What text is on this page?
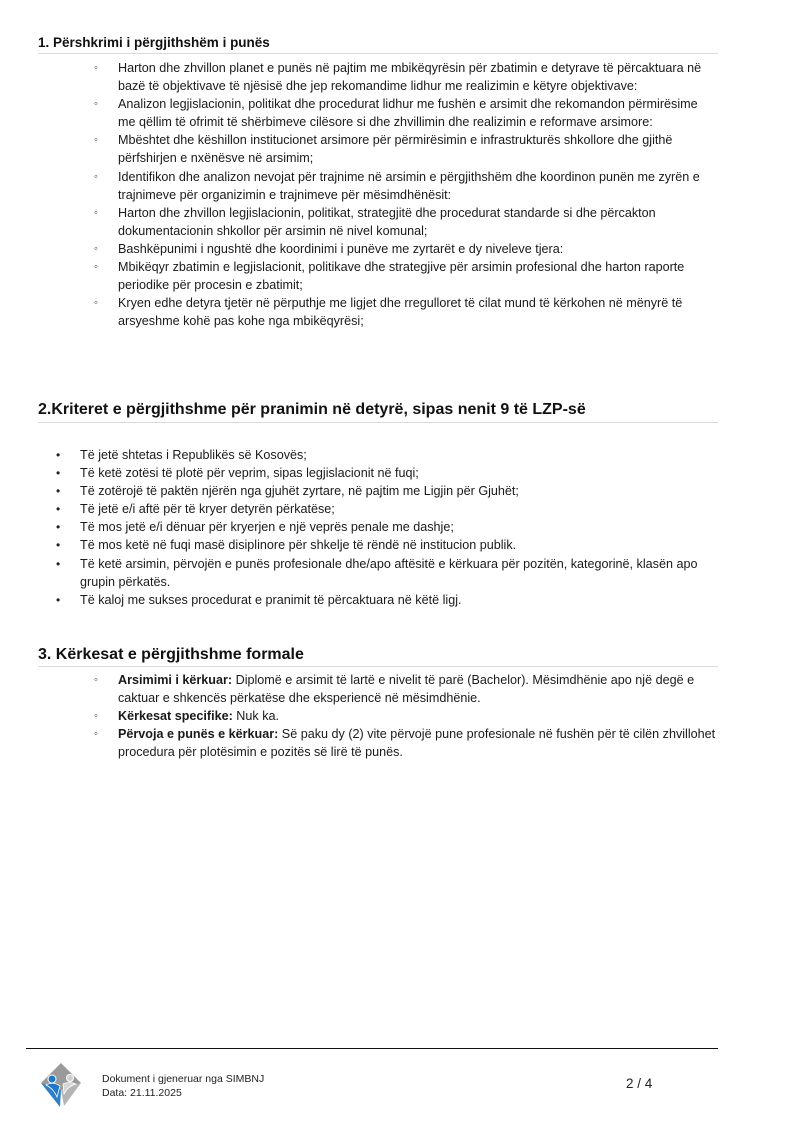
1. Përshkrimi i përgjithshëm i punës
◦ Harton dhe zhvillon planet e punës në pajtim me mbikëqyrësin për zbatimin e detyrave të përcaktuara në bazë të objektivave të njësisë dhe jep rekomandime lidhur me realizimin e këtyre objektivave:
◦ Analizon legjislacionin, politikat dhe procedurat lidhur me fushën e arsimit dhe rekomandon përmirësime me qëllim të ofrimit të shërbimeve cilësore si dhe zhvillimin dhe realizimin e reformave arsimore:
◦ Mbështet dhe këshillon institucionet arsimore për përmirësimin e infrastrukturës shkollore dhe gjithë përfshirjen e nxënësve në arsimim;
◦ Identifikon dhe analizon nevojat për trajnime në arsimin e përgjithshëm dhe koordinon punën me zyrën e trajnimeve për organizimin e trajnimeve për mësimdhënësit:
◦ Harton dhe zhvillon legjislacionin, politikat, strategjitë dhe procedurat standarde si dhe përcakton dokumentacionin shkollor për arsimin në nivel komunal;
◦ Bashkëpunimi i ngushtë dhe koordinimi i punëve me zyrtarët e dy niveleve tjera:
◦ Mbikëqyr zbatimin e legjislacionit, politikave dhe strategjive për arsimin profesional dhe harton raporte periodike për procesin e zbatimit;
◦ Kryen edhe detyra tjetër në përputhje me ligjet dhe rregulloret të cilat mund të kërkohen në mënyrë të arsyeshme kohë pas kohe nga mbikëqyrësi;
2.Kriteret e përgjithshme për pranimin në detyrë, sipas nenit 9 të LZP-së
• Të jetë shtetas i Republikës së Kosovës;
• Të ketë zotësi të plotë për veprim, sipas legjislacionit në fuqi;
• Të zotërojë të paktën njërën nga gjuhët zyrtare, në pajtim me Ligjin për Gjuhët;
• Të jetë e/i aftë për të kryer detyrën përkatëse;
• Të mos jetë e/i dënuar për kryerjen e një veprës penale me dashje;
• Të mos ketë në fuqi masë disiplinore për shkelje të rëndë në institucion publik.
• Të ketë arsimin, përvojën e punës profesionale dhe/apo aftësitë e kërkuara për pozitën, kategorinë, klasën apo grupin përkatës.
• Të kaloj me sukses procedurat e pranimit të përcaktuara në këtë ligj.
3. Kërkesat e përgjithshme formale
◦ Arsimimi i kërkuar: Diplomë e arsimit të lartë e nivelit të parë (Bachelor). Mësimdhënie apo një degë e caktuar e shkencës përkatëse dhe eksperiencë në mësimdhënie.
◦ Kërkesat specifike: Nuk ka.
◦ Përvoja e punës e kërkuar: Së paku dy (2) vite përvojë pune profesionale në fushën për të cilën zhvillohet procedura për plotësimin e pozitës së lirë të punës.
Dokument i gjeneruar nga SIMBNJ
Data: 21.11.2025
2 / 4
